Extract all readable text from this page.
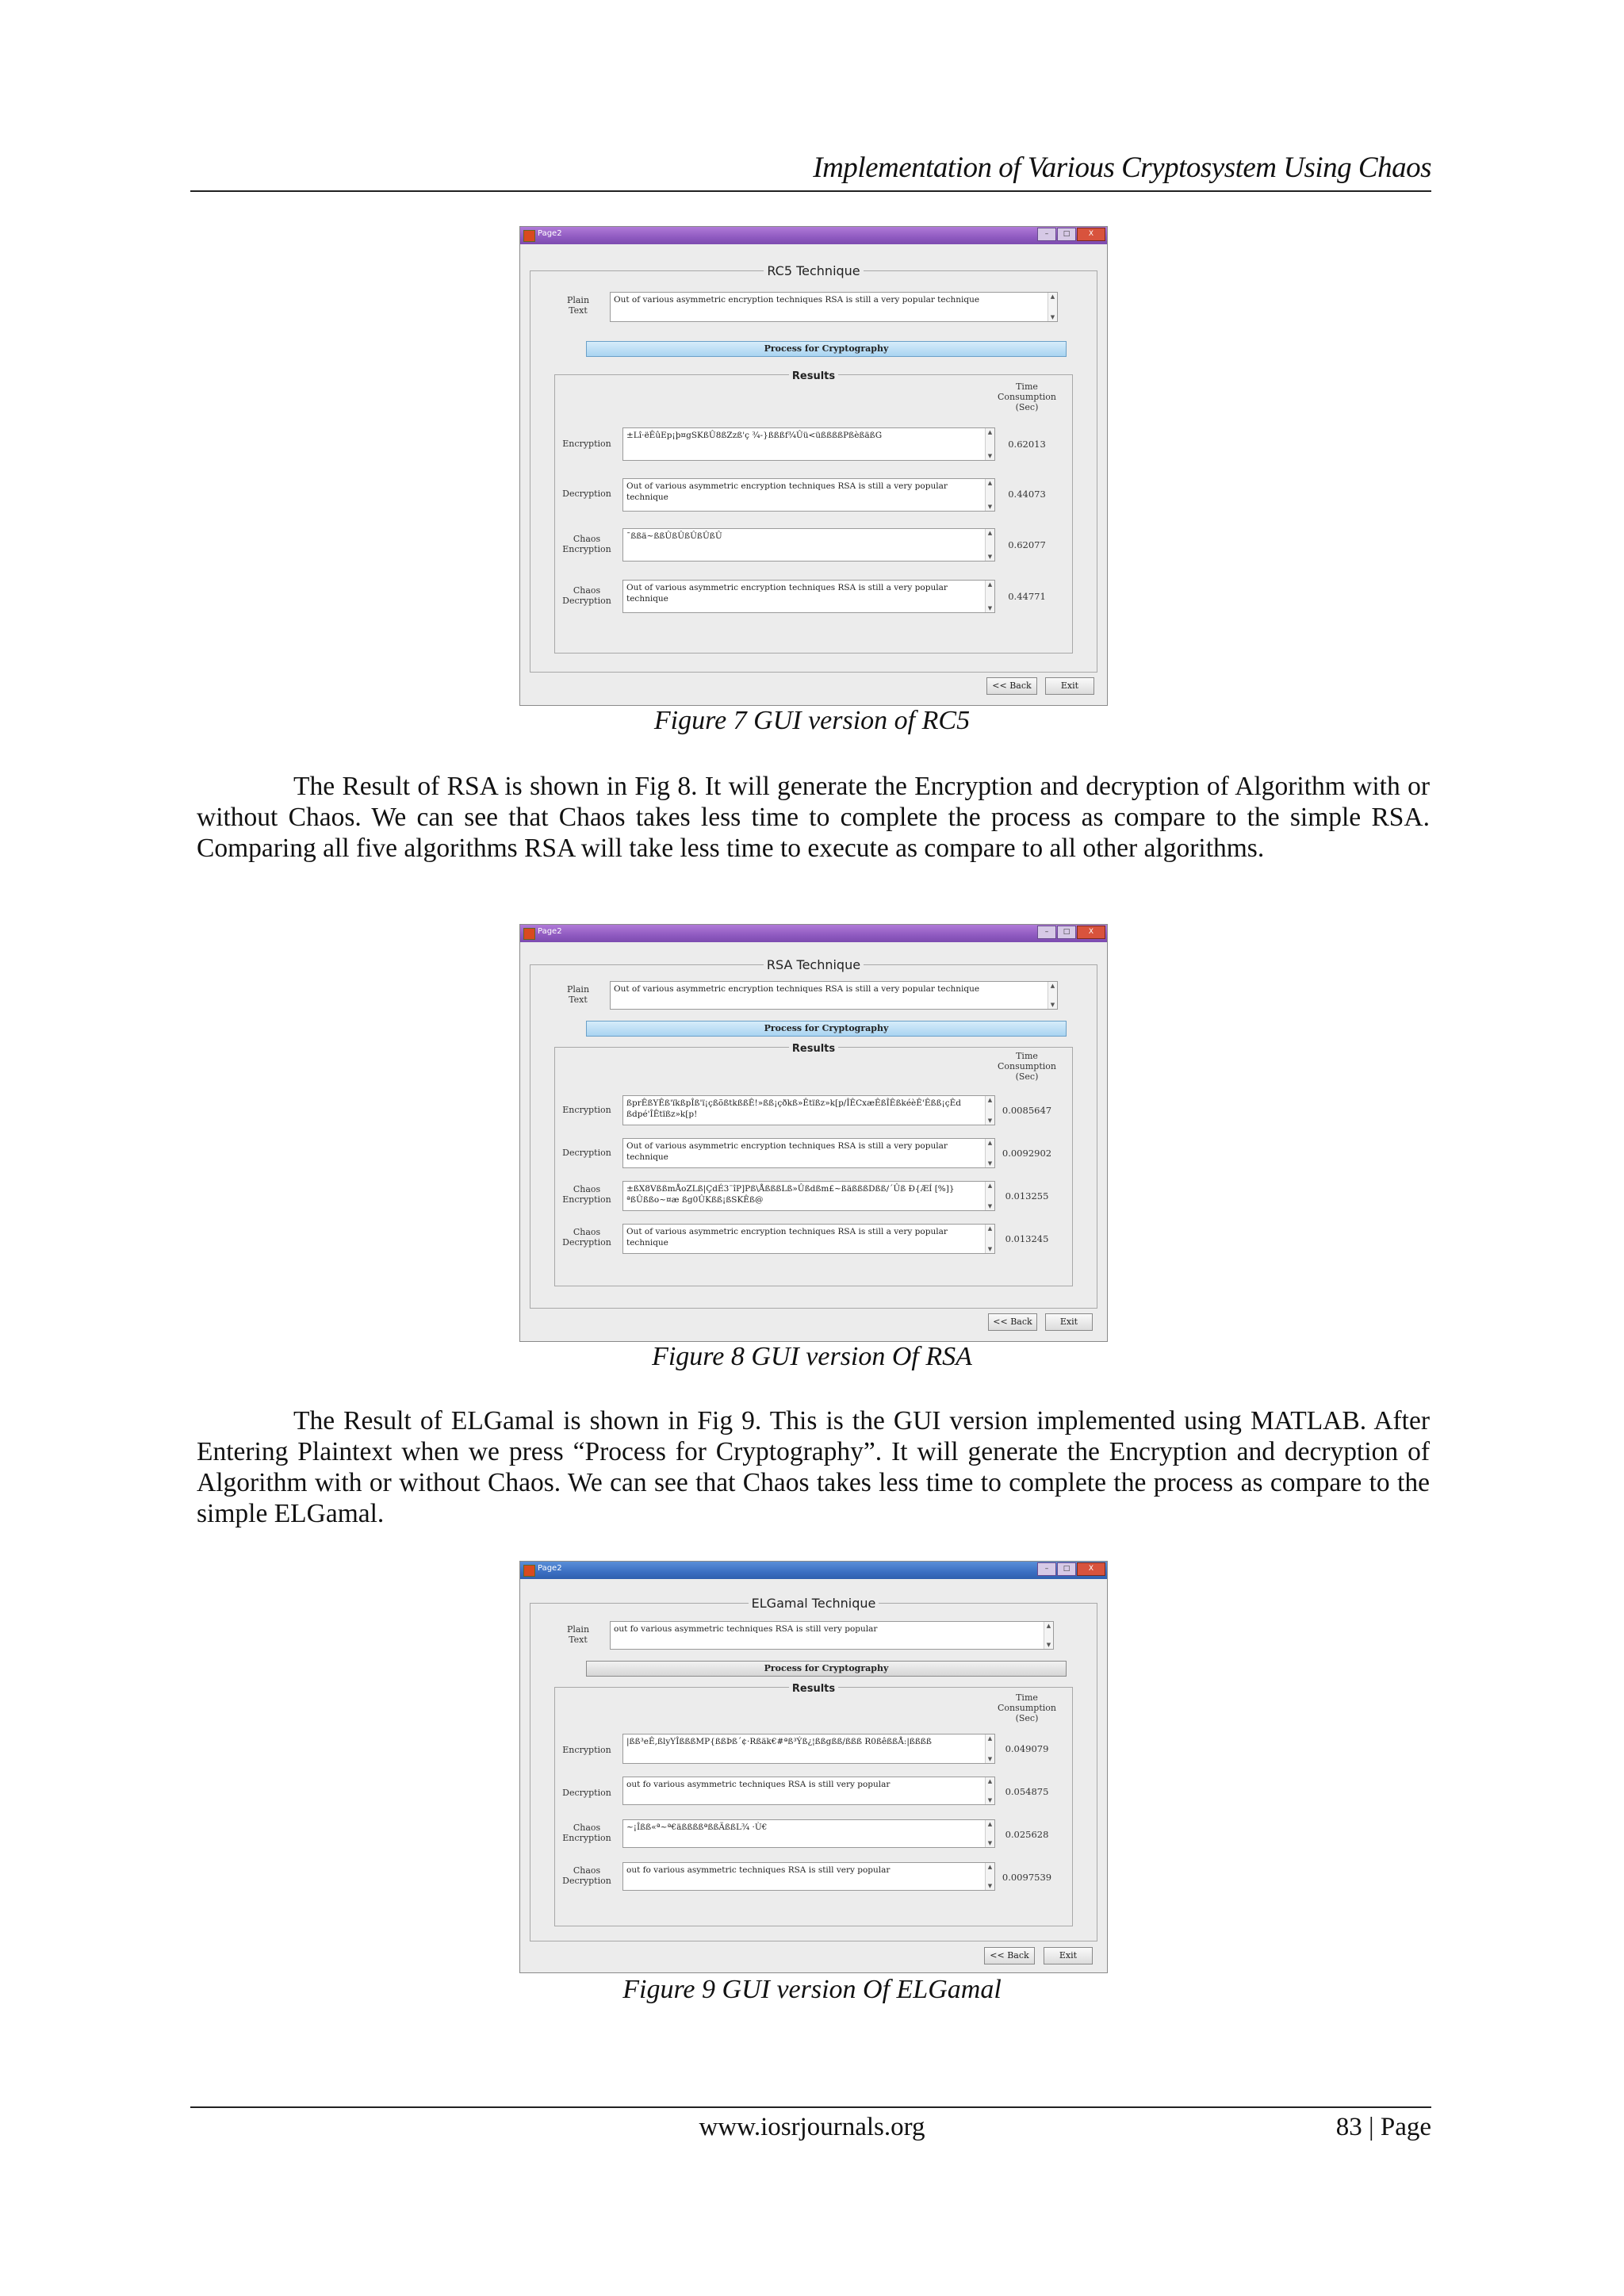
Implementation of Various Cryptosystem Using Chaos
Page2	–	□	X
RC5 Technique
Plain
Text
Out of various asymmetric encryption techniques RSA is still a very popular technique	▲
▼
Process for Cryptography
Results
Time
Consumption
(Sec)
Encryption
±Lî·ëÊûEp¡þ¤gSKßÛ8ßZzß'ç ¾-}ßßßf¾Ûü<üßßßßPßèßäßG	▲
▼
0.62013
Decryption
Out of various asymmetric encryption techniques RSA is still a very popular technique
▲
▼
0.44073
Chaos
Encryption
¯ßßä~ßßÛßÛßÛßÛßÛ	▲
▼
0.62077
Chaos
Decryption
Out of various asymmetric encryption techniques RSA is still a very popular technique
▲
▼
0.44771
<< Back	Exit
Figure 7 GUI version of RC5
The Result of RSA is shown in Fig 8. It will generate the Encryption and decryption of Algorithm with or without Chaos. We can see that Chaos takes less time to complete the process as compare to the simple RSA. Comparing all five algorithms RSA will take less time to execute as compare to all other algorithms.
Page2	–	□	X
RSA Technique
Plain
Text
Out of various asymmetric encryption techniques RSA is still a very popular technique	▲
▼
Process for Cryptography
Results
Time
Consumption
(Sec)
Encryption
ßprÊßYÊß'ïkßpÎß'ï¡çßõßtkßßÊ!»ßß¡çðkß»Êtïßz»k[p/ÎÊCxæÊßÎÊßkéèÊ'Êßß¡çÊd ßdpé'ÎÊtïßz»k[p!
▲
▼
0.0085647
Decryption
Out of various asymmetric encryption techniques RSA is still a very popular technique
▲
▼
0.0092902
Chaos
Encryption
±ßX8VßßmÅoZLß|ÇdÉ3¨îP]Pß\ÅßßßLß»Ûßdßm£~ßäßßßDßß/´Ûß Ð{ÆÍ [%]}ªßÛßßo~¤æ ßg0ÛKßß¡ßSKÊß@
▲
▼
0.013255
Chaos
Decryption
Out of various asymmetric encryption techniques RSA is still a very popular technique
▲
▼
0.013245
<< Back	Exit
Figure 8 GUI version Of RSA
The Result of ELGamal is shown in Fig 9. This is the GUI version implemented using MATLAB. After Entering Plaintext when we press “Process for Cryptography”. It will generate the Encryption and decryption of Algorithm with or without Chaos. We can see that Chaos takes less time to complete the process as compare to the simple ELGamal.
Page2	–	□	X
ELGamal Technique
Plain
Text
out fo various asymmetric techniques RSA is still very popular	▲
▼
Process for Cryptography
Results
Time
Consumption
(Sec)
Encryption
|ßß³eÊ,ßlyYÎßßßMP{ßßÞß´¢·Rßäk€#ªß³Ýß¿¦ßßgßß/ßßß R0ßêßßÅ:|ßßßß	▲
▼
0.049079
Decryption
out fo various asymmetric techniques RSA is still very popular	▲
▼
0.054875
Chaos
Encryption
~¡Îßß«ª~ª€äßßßßªßßÄßßL¾ ·Ù€	▲
▼
0.025628
Chaos
Decryption
out fo various asymmetric techniques RSA is still very popular	▲
▼
0.0097539
<< Back	Exit
Figure 9 GUI version Of ELGamal
www.iosrjournals.org	83 | Page
